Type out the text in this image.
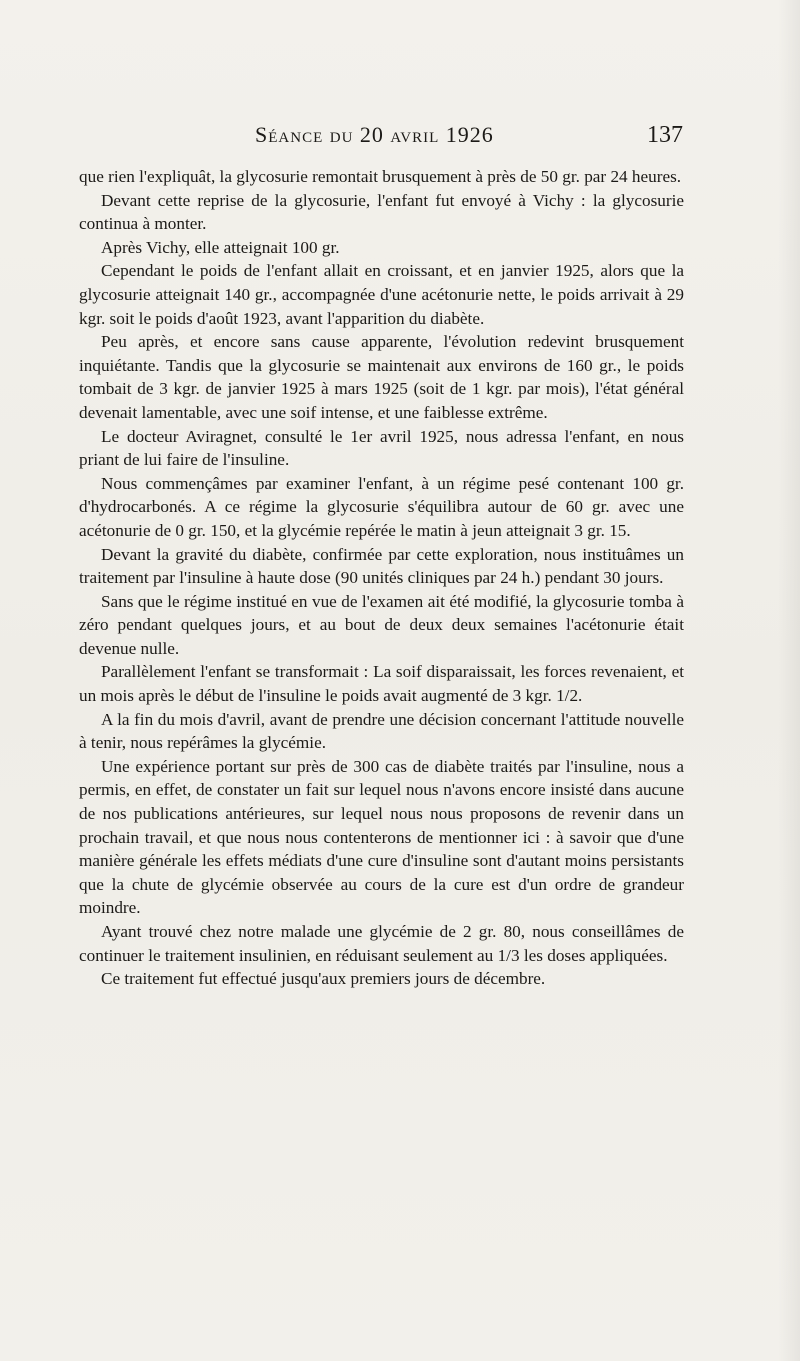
Séance du 20 avril 1926	137

que rien l'expliquât, la glycosurie remontait brusquement à près de 50 gr. par 24 heures.

Devant cette reprise de la glycosurie, l'enfant fut envoyé à Vichy : la glycosurie continua à monter.

Après Vichy, elle atteignait 100 gr.

Cependant le poids de l'enfant allait en croissant, et en janvier 1925, alors que la glycosurie atteignait 140 gr., accompagnée d'une acétonurie nette, le poids arrivait à 29 kgr. soit le poids d'août 1923, avant l'apparition du diabète.

Peu après, et encore sans cause apparente, l'évolution redevint brusquement inquiétante. Tandis que la glycosurie se maintenait aux environs de 160 gr., le poids tombait de 3 kgr. de janvier 1925 à mars 1925 (soit de 1 kgr. par mois), l'état général devenait lamentable, avec une soif intense, et une faiblesse extrême.

Le docteur Aviragnet, consulté le 1er avril 1925, nous adressa l'enfant, en nous priant de lui faire de l'insuline.

Nous commençâmes par examiner l'enfant, à un régime pesé contenant 100 gr. d'hydrocarbonés. A ce régime la glycosurie s'équilibra autour de 60 gr. avec une acétonurie de 0 gr. 150, et la glycémie repérée le matin à jeun atteignait 3 gr. 15.

Devant la gravité du diabète, confirmée par cette exploration, nous instituâmes un traitement par l'insuline à haute dose (90 unités cliniques par 24 h.) pendant 30 jours.

Sans que le régime institué en vue de l'examen ait été modifié, la glycosurie tomba à zéro pendant quelques jours, et au bout de deux deux semaines l'acétonurie était devenue nulle.

Parallèlement l'enfant se transformait : La soif disparaissait, les forces revenaient, et un mois après le début de l'insuline le poids avait augmenté de 3 kgr. 1/2.

A la fin du mois d'avril, avant de prendre une décision concernant l'attitude nouvelle à tenir, nous repérâmes la glycémie.

Une expérience portant sur près de 300 cas de diabète traités par l'insuline, nous a permis, en effet, de constater un fait sur lequel nous n'avons encore insisté dans aucune de nos publications antérieures, sur lequel nous nous proposons de revenir dans un prochain travail, et que nous nous contenterons de mentionner ici : à savoir que d'une manière générale les effets médiats d'une cure d'insuline sont d'autant moins persistants que la chute de glycémie observée au cours de la cure est d'un ordre de grandeur moindre.

Ayant trouvé chez notre malade une glycémie de 2 gr. 80, nous conseillâmes de continuer le traitement insulinien, en réduisant seulement au 1/3 les doses appliquées.

Ce traitement fut effectué jusqu'aux premiers jours de décembre.
